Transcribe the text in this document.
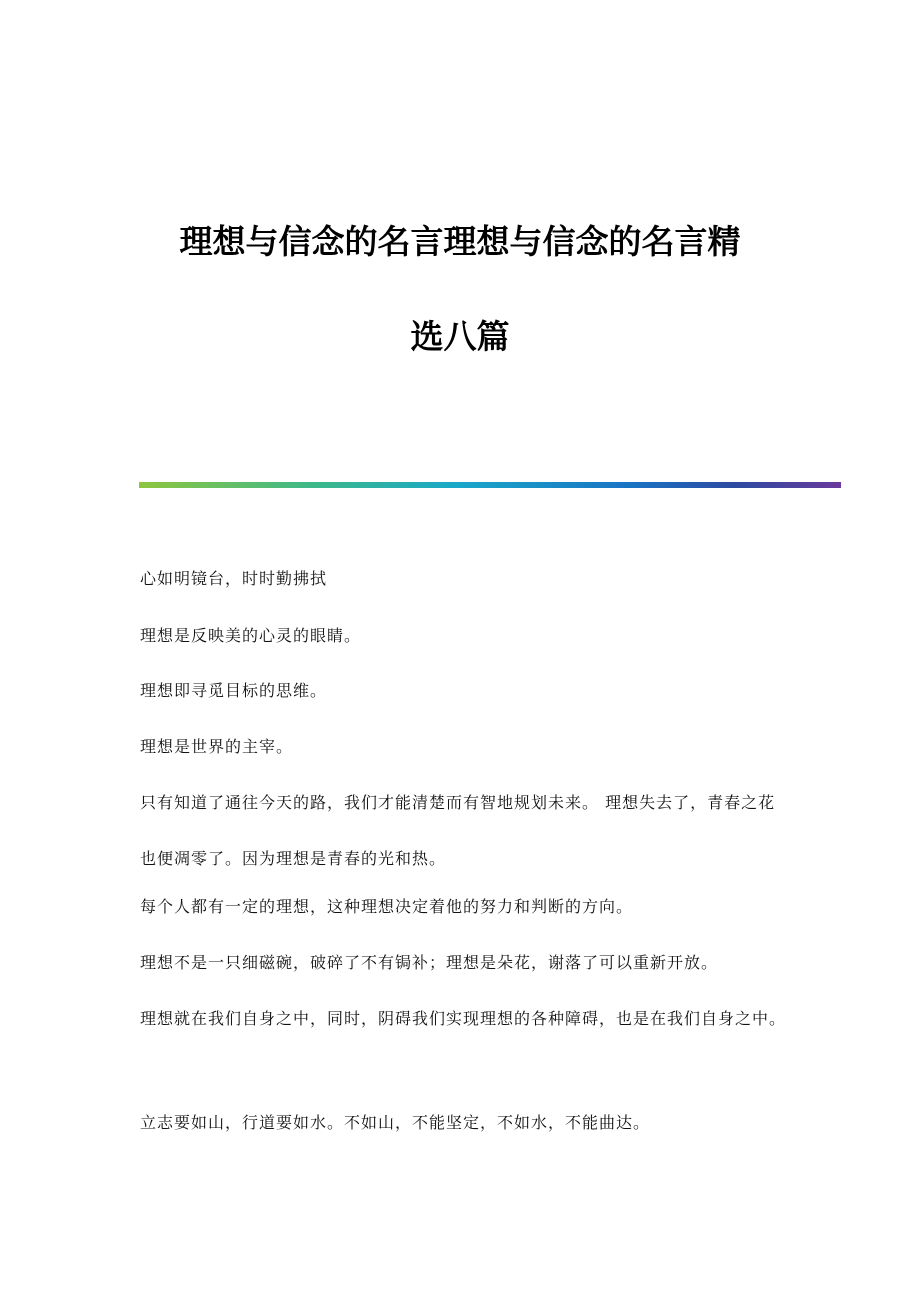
理想与信念的名言理想与信念的名言精
选八篇

心如明镜台，时时勤拂拭

理想是反映美的心灵的眼睛。

理想即寻觅目标的思维。

理想是世界的主宰。

只有知道了通往今天的路，我们才能清楚而有智地规划未来。 理想失去了，青春之花也便凋零了。因为理想是青春的光和热。

每个人都有一定的理想，这种理想决定着他的努力和判断的方向。

理想不是一只细磁碗，破碎了不有锔补；理想是朵花，谢落了可以重新开放。

理想就在我们自身之中，同时，阴碍我们实现理想的各种障碍，也是在我们自身之中。

立志要如山，行道要如水。不如山，不能坚定，不如水，不能曲达。
